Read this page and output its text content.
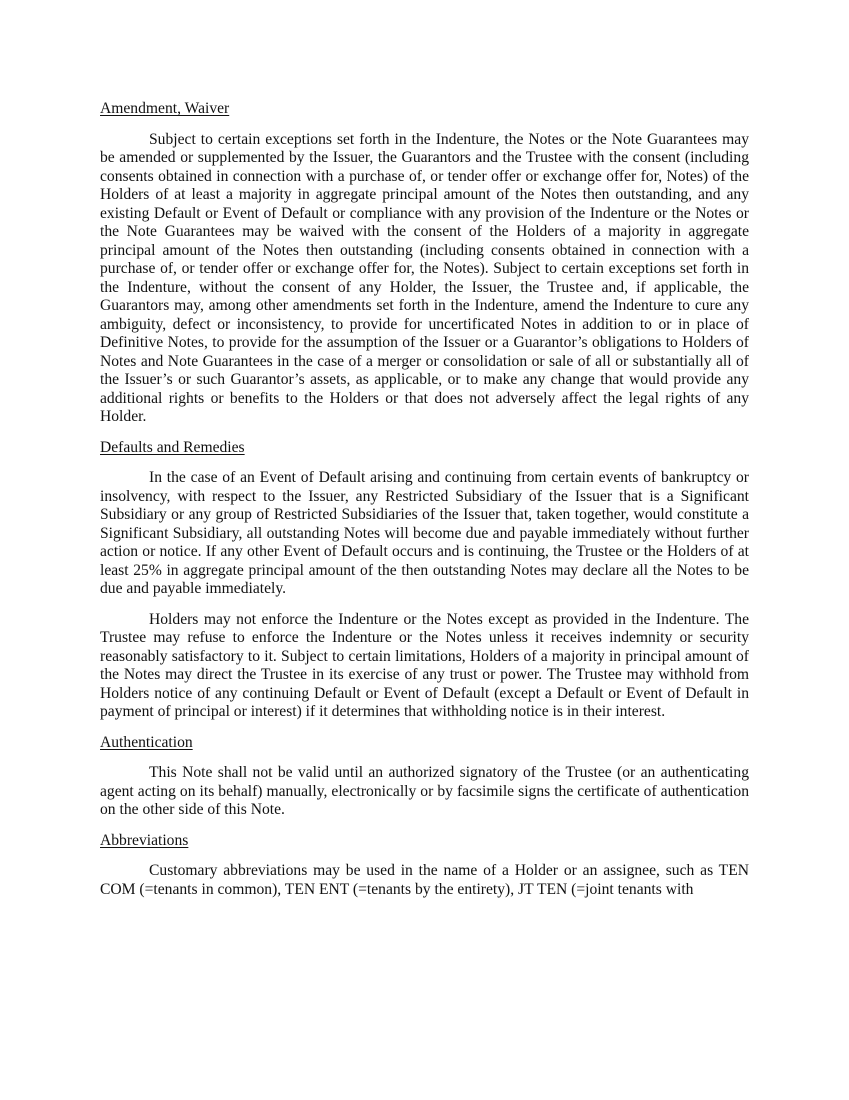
Amendment, Waiver

Subject to certain exceptions set forth in the Indenture, the Notes or the Note Guarantees may be amended or supplemented by the Issuer, the Guarantors and the Trustee with the consent (including consents obtained in connection with a purchase of, or tender offer or exchange offer for, Notes) of the Holders of at least a majority in aggregate principal amount of the Notes then outstanding, and any existing Default or Event of Default or compliance with any provision of the Indenture or the Notes or the Note Guarantees may be waived with the consent of the Holders of a majority in aggregate principal amount of the Notes then outstanding (including consents obtained in connection with a purchase of, or tender offer or exchange offer for, the Notes). Subject to certain exceptions set forth in the Indenture, without the consent of any Holder, the Issuer, the Trustee and, if applicable, the Guarantors may, among other amendments set forth in the Indenture, amend the Indenture to cure any ambiguity, defect or inconsistency, to provide for uncertificated Notes in addition to or in place of Definitive Notes, to provide for the assumption of the Issuer or a Guarantor’s obligations to Holders of Notes and Note Guarantees in the case of a merger or consolidation or sale of all or substantially all of the Issuer’s or such Guarantor’s assets, as applicable, or to make any change that would provide any additional rights or benefits to the Holders or that does not adversely affect the legal rights of any Holder.

Defaults and Remedies

In the case of an Event of Default arising and continuing from certain events of bankruptcy or insolvency, with respect to the Issuer, any Restricted Subsidiary of the Issuer that is a Significant Subsidiary or any group of Restricted Subsidiaries of the Issuer that, taken together, would constitute a Significant Subsidiary, all outstanding Notes will become due and payable immediately without further action or notice. If any other Event of Default occurs and is continuing, the Trustee or the Holders of at least 25% in aggregate principal amount of the then outstanding Notes may declare all the Notes to be due and payable immediately.

Holders may not enforce the Indenture or the Notes except as provided in the Indenture. The Trustee may refuse to enforce the Indenture or the Notes unless it receives indemnity or security reasonably satisfactory to it. Subject to certain limitations, Holders of a majority in principal amount of the Notes may direct the Trustee in its exercise of any trust or power. The Trustee may withhold from Holders notice of any continuing Default or Event of Default (except a Default or Event of Default in payment of principal or interest) if it determines that withholding notice is in their interest.

Authentication

This Note shall not be valid until an authorized signatory of the Trustee (or an authenticating agent acting on its behalf) manually, electronically or by facsimile signs the certificate of authentication on the other side of this Note.

Abbreviations

Customary abbreviations may be used in the name of a Holder or an assignee, such as TEN COM (=tenants in common), TEN ENT (=tenants by the entirety), JT TEN (=joint tenants with
